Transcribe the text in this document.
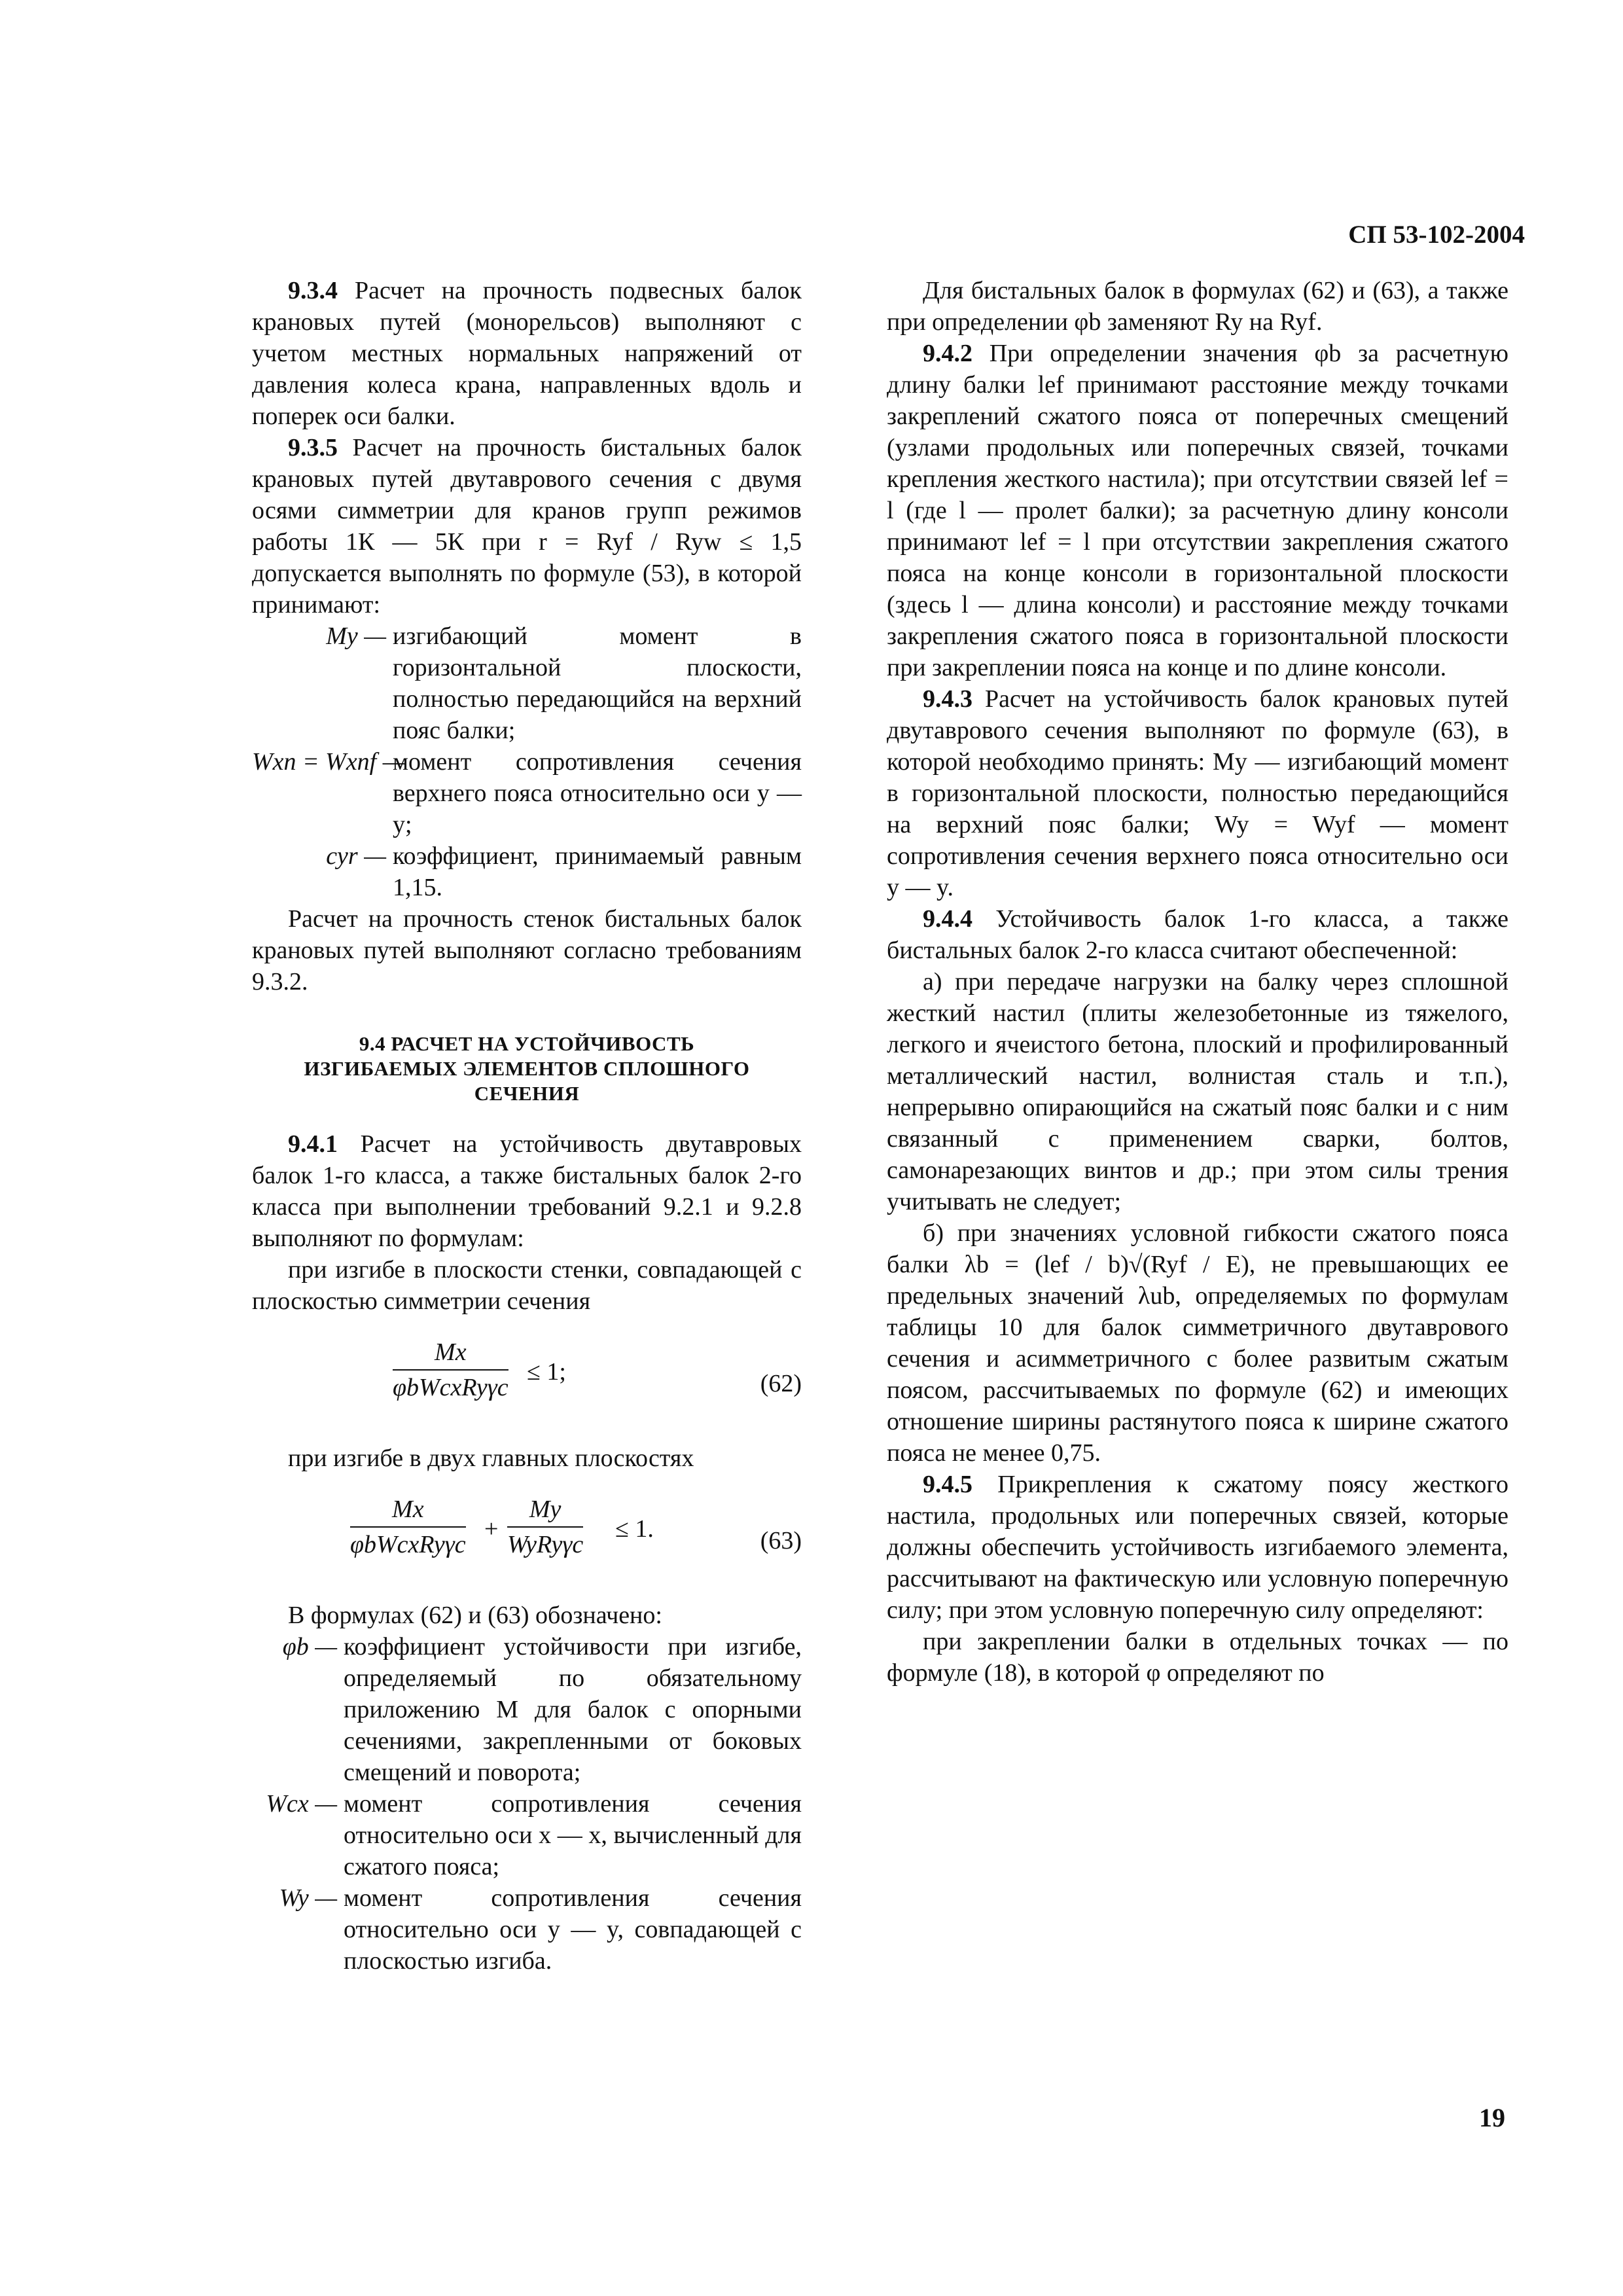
СП 53-102-2004

9.3.4 Расчет на прочность подвесных балок крановых путей (монорельсов) выполняют с учетом местных нормальных напряжений от давления колеса крана, направленных вдоль и поперек оси балки.

9.3.5 Расчет на прочность бистальных балок крановых путей двутаврового сечения с двумя осями симметрии для кранов групп режимов работы 1К — 5К при r = Ryf / Ryw ≤ 1,5 допускается выполнять по формуле (53), в которой принимают:

My — изгибающий момент в горизонтальной плоскости, полностью передающийся на верхний пояс балки;
Wxn = Wxnf —
момент сопротивления сечения верхнего пояса относительно оси y — y;
cyr — коэффициент, принимаемый равным 1,15.

Расчет на прочность стенок бистальных балок крановых путей выполняют согласно требованиям 9.3.2.

9.4 РАСЧЕТ НА УСТОЙЧИВОСТЬ ИЗГИБАЕМЫХ ЭЛЕМЕНТОВ СПЛОШНОГО СЕЧЕНИЯ

9.4.1 Расчет на устойчивость двутавровых балок 1-го класса, а также бистальных балок 2-го класса при выполнении требований 9.2.1 и 9.2.8 выполняют по формулам:

при изгибе в плоскости стенки, совпадающей с плоскостью симметрии сечения

Mx
φbWcxRyγc
≤ 1;	(62)

при изгибе в двух главных плоскостях

Mx
φbWcxRyγc
+
My
WyRyγc
≤ 1.	(63)

В формулах (62) и (63) обозначено:

φb — коэффициент устойчивости при изгибе, определяемый по обязательному приложению М для балок с опорными сечениями, закрепленными от боковых смещений и поворота;
Wcx — момент сопротивления сечения относительно оси x — x, вычисленный для сжатого пояса;
Wy — момент сопротивления сечения относительно оси y — y, совпадающей с плоскостью изгиба.

Для бистальных балок в формулах (62) и (63), а также при определении φb заменяют Ry на Ryf.

9.4.2 При определении значения φb за расчетную длину балки lef принимают расстояние между точками закреплений сжатого пояса от поперечных смещений (узлами продольных или поперечных связей, точками крепления жесткого настила); при отсутствии связей lef = l (где l — пролет балки); за расчетную длину консоли принимают lef = l при отсутствии закрепления сжатого пояса на конце консоли в горизонтальной плоскости (здесь l — длина консоли) и расстояние между точками закрепления сжатого пояса в горизонтальной плоскости при закреплении пояса на конце и по длине консоли.

9.4.3 Расчет на устойчивость балок крановых путей двутаврового сечения выполняют по формуле (63), в которой необходимо принять: My — изгибающий момент в горизонтальной плоскости, полностью передающийся на верхний пояс балки; Wy = Wyf — момент сопротивления сечения верхнего пояса относительно оси y — y.

9.4.4 Устойчивость балок 1-го класса, а также бистальных балок 2-го класса считают обеспеченной:

а) при передаче нагрузки на балку через сплошной жесткий настил (плиты железобетонные из тяжелого, легкого и ячеистого бетона, плоский и профилированный металлический настил, волнистая сталь и т.п.), непрерывно опирающийся на сжатый пояс балки и с ним связанный с применением сварки, болтов, самонарезающих винтов и др.; при этом силы трения учитывать не следует;

б) при значениях условной гибкости сжатого пояса балки λb = (lef / b)√(Ryf / E), не превышающих ее предельных значений λub, определяемых по формулам таблицы 10 для балок симметричного двутаврового сечения и асимметричного с более развитым сжатым поясом, рассчитываемых по формуле (62) и имеющих отношение ширины растянутого пояса к ширине сжатого пояса не менее 0,75.

9.4.5 Прикрепления к сжатому поясу жесткого настила, продольных или поперечных связей, которые должны обеспечить устойчивость изгибаемого элемента, рассчитывают на фактическую или условную поперечную силу; при этом условную поперечную силу определяют:

при закреплении балки в отдельных точках — по формуле (18), в которой φ определяют по

19
